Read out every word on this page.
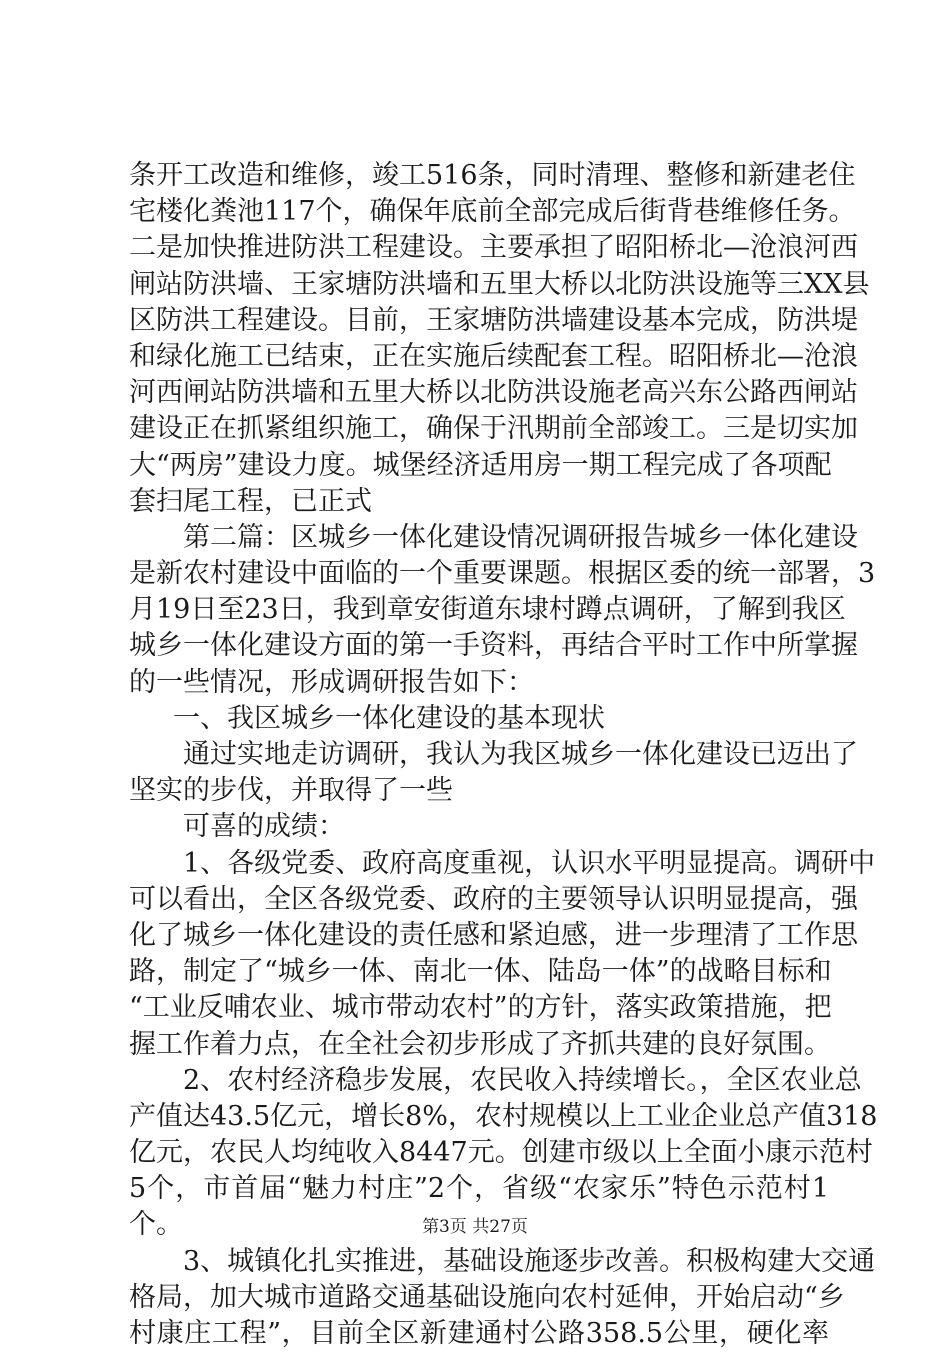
条开工改造和维修，竣工516条，同时清理、整修和新建老住
宅楼化粪池117个，确保年底前全部完成后街背巷维修任务。
二是加快推进防洪工程建设。主要承担了昭阳桥北—沧浪河西
闸站防洪墙、王家塘防洪墙和五里大桥以北防洪设施等三XX县
区防洪工程建设。目前，王家塘防洪墙建设基本完成，防洪堤
和绿化施工已结束，正在实施后续配套工程。昭阳桥北—沧浪
河西闸站防洪墙和五里大桥以北防洪设施老高兴东公路西闸站
建设正在抓紧组织施工，确保于汛期前全部竣工。三是切实加
大“两房”建设力度。城堡经济适用房一期工程完成了各项配
套扫尾工程，已正式
第二篇：区城乡一体化建设情况调研报告城乡一体化建设
是新农村建设中面临的一个重要课题。根据区委的统一部署，3
月19日至23日，我到章安街道东埭村蹲点调研，了解到我区
城乡一体化建设方面的第一手资料，再结合平时工作中所掌握
的一些情况，形成调研报告如下：
一、我区城乡一体化建设的基本现状
通过实地走访调研，我认为我区城乡一体化建设已迈出了
坚实的步伐，并取得了一些
可喜的成绩：
1、各级党委、政府高度重视，认识水平明显提高。调研中
可以看出，全区各级党委、政府的主要领导认识明显提高，强
化了城乡一体化建设的责任感和紧迫感，进一步理清了工作思
路，制定了“城乡一体、南北一体、陆岛一体”的战略目标和
“工业反哺农业、城市带动农村”的方针，落实政策措施，把
握工作着力点，在全社会初步形成了齐抓共建的良好氛围。
2、农村经济稳步发展，农民收入持续增长。，全区农业总
产值达43.5亿元，增长8%，农村规模以上工业企业总产值318
亿元，农民人均纯收入8447元。创建市级以上全面小康示范村
5个，市首届“魅力村庄”2个，省级“农家乐”特色示范村1
个。
3、城镇化扎实推进，基础设施逐步改善。积极构建大交通
格局，加大城市道路交通基础设施向农村延伸，开始启动“乡
村康庄工程”，目前全区新建通村公路358.5公里，硬化率
第3页 共27页
